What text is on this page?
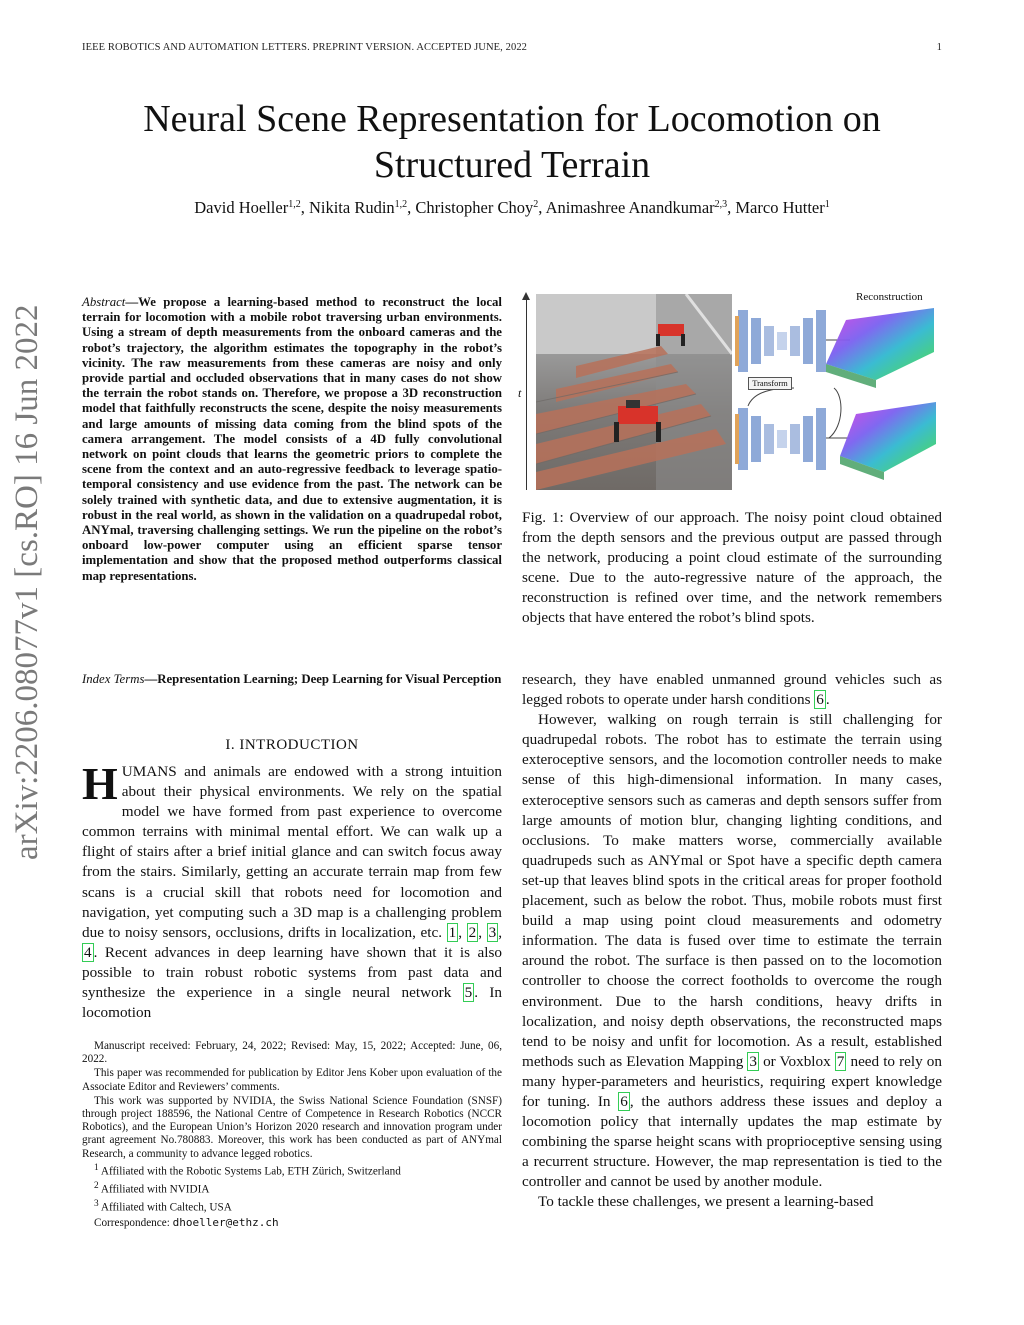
IEEE ROBOTICS AND AUTOMATION LETTERS. PREPRINT VERSION. ACCEPTED JUNE, 2022	1
Neural Scene Representation for Locomotion on
Structured Terrain
David Hoeller$^{1,2}$, Nikita Rudin$^{1,2}$, Christopher Choy$^2$, Animashree Anandkumar$^{2,3}$, Marco Hutter$^1$
arXiv:2206.08077v1 [cs.RO] 16 Jun 2022
Abstract—We propose a learning-based method to reconstruct the local terrain for locomotion with a mobile robot traversing urban environments. Using a stream of depth measurements from the onboard cameras and the robot’s trajectory, the algorithm estimates the topography in the robot’s vicinity. The raw measurements from these cameras are noisy and only provide partial and occluded observations that in many cases do not show the terrain the robot stands on. Therefore, we propose a 3D reconstruction model that faithfully reconstructs the scene, despite the noisy measurements and large amounts of missing data coming from the blind spots of the camera arrangement. The model consists of a 4D fully convolutional network on point clouds that learns the geometric priors to complete the scene from the context and an auto-regressive feedback to leverage spatio-temporal consistency and use evidence from the past. The network can be solely trained with synthetic data, and due to extensive augmentation, it is robust in the real world, as shown in the validation on a quadrupedal robot, ANYmal, traversing challenging settings. We run the pipeline on the robot’s onboard low-power computer using an efficient sparse tensor implementation and show that the proposed method outperforms classical map representations.
Index Terms—Representation Learning; Deep Learning for Visual Perception
I. INTRODUCTION
HUMANS and animals are endowed with a strong intuition about their physical environments. We rely on the spatial model we have formed from past experience to overcome common terrains with minimal mental effort. We can walk up a flight of stairs after a brief initial glance and can switch focus away from the stairs. Similarly, getting an accurate terrain map from few scans is a crucial skill that robots need for locomotion and navigation, yet computing such a 3D map is a challenging problem due to noisy sensors, occlusions, drifts in localization, etc. 1 , 2 , 3 , 4 . Recent advances in deep learning have shown that it is also possible to train robust robotic systems from past data and synthesize the experience in a single neural network 5 . In locomotion

Manuscript received: February, 24, 2022; Revised: May, 15, 2022; Accepted: June, 06, 2022.

This paper was recommended for publication by Editor Jens Kober upon evaluation of the Associate Editor and Reviewers’ comments.

This work was supported by NVIDIA, the Swiss National Science Foundation (SNSF) through project 188596, the National Centre of Competence in Research Robotics (NCCR Robotics), and the European Union’s Horizon 2020 research and innovation program under grant agreement No.780883. Moreover, this work has been conducted as part of ANYmal Research, a community to advance legged robotics.

$^1$ Affiliated with the Robotic Systems Lab, ETH Zürich, Switzerland

$^2$ Affiliated with NVIDIA

$^3$ Affiliated with Caltech, USA

Correspondence: dhoeller@ethz.ch

t
Transform
Reconstruction
Fig. 1: Overview of our approach. The noisy point cloud obtained from the depth sensors and the previous output are passed through the network, producing a point cloud estimate of the surrounding scene. Due to the auto-regressive nature of the approach, the reconstruction is refined over time, and the network remembers objects that have entered the robot’s blind spots.

research, they have enabled unmanned ground vehicles such as legged robots to operate under harsh conditions 6 .

However, walking on rough terrain is still challenging for quadrupedal robots. The robot has to estimate the terrain using exteroceptive sensors, and the locomotion controller needs to make sense of this high-dimensional information. In many cases, exteroceptive sensors such as cameras and depth sensors suffer from large amounts of motion blur, changing lighting conditions, and occlusions. To make matters worse, commercially available quadrupeds such as ANYmal or Spot have a specific depth camera set-up that leaves blind spots in the critical areas for proper foothold placement, such as below the robot. Thus, mobile robots must first build a map using point cloud measurements and odometry information. The data is fused over time to estimate the terrain around the robot. The surface is then passed on to the locomotion controller to choose the correct footholds to overcome the rough environment. Due to the harsh conditions, heavy drifts in localization, and noisy depth observations, the reconstructed maps tend to be noisy and unfit for locomotion. As a result, established methods such as Elevation Mapping 3 or Voxblox 7 need to rely on many hyper-parameters and heuristics, requiring expert knowledge for tuning. In 6 , the authors address these issues and deploy a locomotion policy that internally updates the map estimate by combining the sparse height scans with proprioceptive sensing using a recurrent structure. However, the map representation is tied to the controller and cannot be used by another module.

To tackle these challenges, we present a learning-based
